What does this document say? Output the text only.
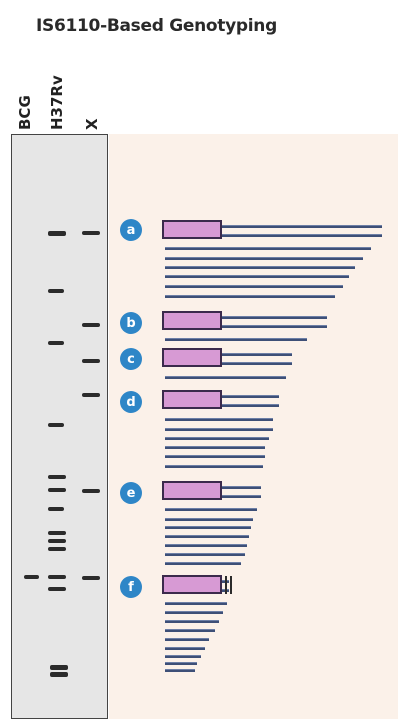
IS6110-Based Genotyping
BCG H37Rv X
a
b
c
d
e
f
